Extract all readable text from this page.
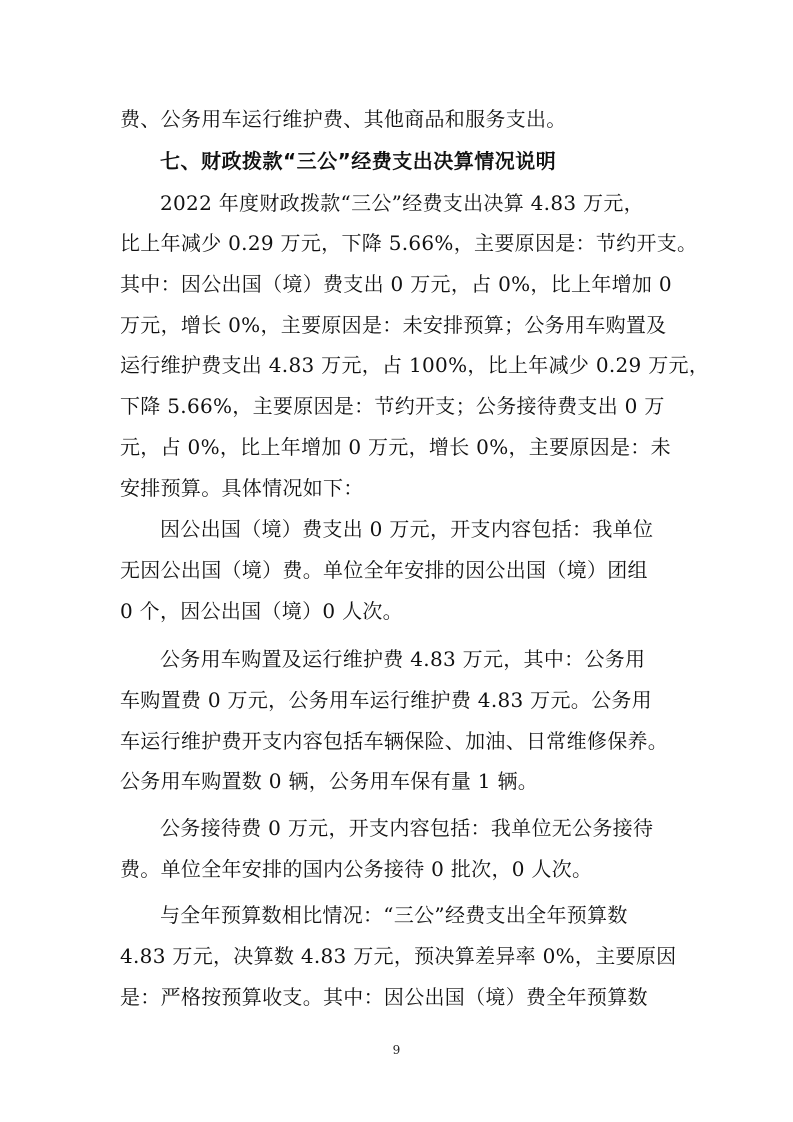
费、公务用车运行维护费、其他商品和服务支出。
七、财政拨款“三公”经费支出决算情况说明
2022 年度财政拨款“三公”经费支出决算 4.83 万元，
比上年减少 0.29 万元，下降 5.66%，主要原因是：节约开支。
其中：因公出国（境）费支出 0 万元，占 0%，比上年增加 0
万元，增长 0%，主要原因是：未安排预算；公务用车购置及
运行维护费支出 4.83 万元，占 100%，比上年减少 0.29 万元，
下降 5.66%，主要原因是：节约开支；公务接待费支出 0 万
元，占 0%，比上年增加 0 万元，增长 0%，主要原因是：未
安排预算。具体情况如下：
因公出国（境）费支出 0 万元，开支内容包括：我单位
无因公出国（境）费。单位全年安排的因公出国（境）团组
0 个，因公出国（境）0 人次。
公务用车购置及运行维护费 4.83 万元，其中：公务用
车购置费 0 万元，公务用车运行维护费 4.83 万元。公务用
车运行维护费开支内容包括车辆保险、加油、日常维修保养。
公务用车购置数 0 辆，公务用车保有量 1 辆。
公务接待费 0 万元，开支内容包括：我单位无公务接待
费。单位全年安排的国内公务接待 0 批次，0 人次。
与全年预算数相比情况：“三公”经费支出全年预算数
4.83 万元，决算数 4.83 万元，预决算差异率 0%，主要原因
是：严格按预算收支。其中：因公出国（境）费全年预算数
9
